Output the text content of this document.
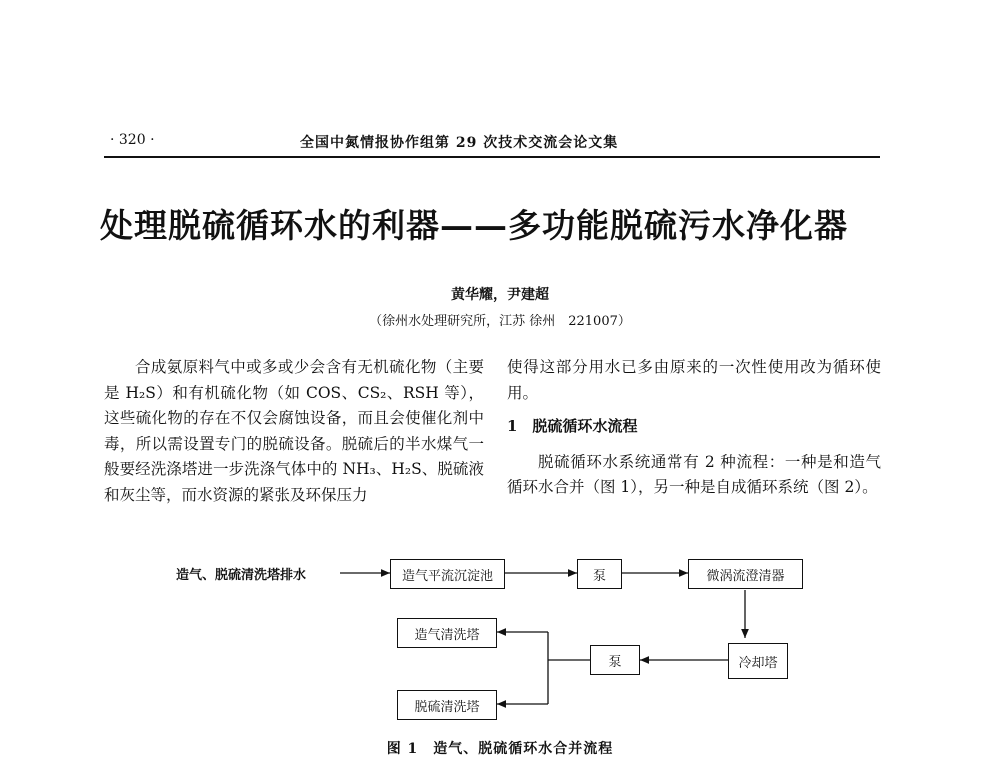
· 320 ·	全国中氮情报协作组第 29 次技术交流会论文集
处理脱硫循环水的利器——多功能脱硫污水净化器
黄华耀，尹建超
（徐州水处理研究所，江苏 徐州　221007）

合成氨原料气中或多或少会含有无机硫化物（主要是 H₂S）和有机硫化物（如 COS、CS₂、RSH 等），这些硫化物的存在不仅会腐蚀设备，而且会使催化剂中毒，所以需设置专门的脱硫设备。脱硫后的半水煤气一般要经洗涤塔进一步洗涤气体中的 NH₃、H₂S、脱硫液和灰尘等，而水资源的紧张及环保压力

使得这部分用水已多由原来的一次性使用改为循环使用。

1　脱硫循环水流程

脱硫循环水系统通常有 2 种流程：一种是和造气循环水合并（图 1），另一种是自成循环系统（图 2）。

造气、脱硫清洗塔排水	造气平流沉淀池	泵	微涡流澄清器
冷却塔
泵
造气清洗塔
脱硫清洗塔
图 1　造气、脱硫循环水合并流程
